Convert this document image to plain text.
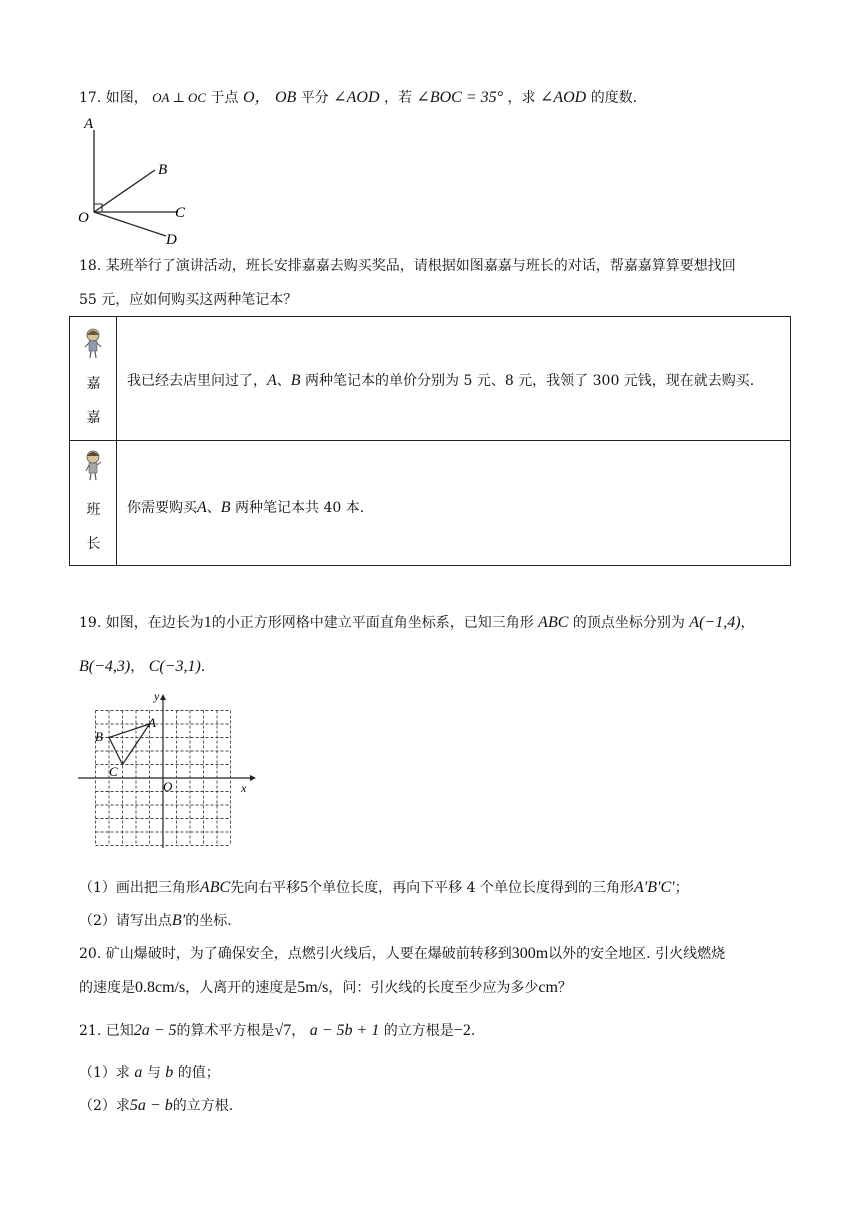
17. 如图， OA ⊥ OC 于点 O， OB 平分 ∠AOD ，若 ∠BOC = 35° ，求 ∠AOD 的度数.
A
B
C
D
O
18. 某班举行了演讲活动，班长安排嘉嘉去购买奖品，请根据如图嘉嘉与班长的对话，帮嘉嘉算算要想找回
55 元，应如何购买这两种笔记本？
嘉
嘉
我已经去店里问过了，A、B 两种笔记本的单价分别为 5 元、8 元，我领了 300 元钱，现在就去购买.
班
长
你需要购买A、B 两种笔记本共 40 本.
19. 如图，在边长为1的小正方形网格中建立平面直角坐标系，已知三角形 ABC 的顶点坐标分别为 A(−1,4)，
B(−4,3)， C(−3,1).
y
x
O
A
B
C
（1）画出把三角形ABC先向右平移5个单位长度，再向下平移 4 个单位长度得到的三角形A′B′C′；
（2）请写出点B′的坐标.
20. 矿山爆破时，为了确保安全，点燃引火线后，人要在爆破前转移到300m以外的安全地区. 引火线燃烧
的速度是0.8cm/s，人离开的速度是5m/s，问：引火线的长度至少应为多少cm？
21. 已知2a − 5的算术平方根是√7， a − 5b + 1 的立方根是−2.
（1）求 a 与 b 的值；
（2）求5a − b的立方根.
